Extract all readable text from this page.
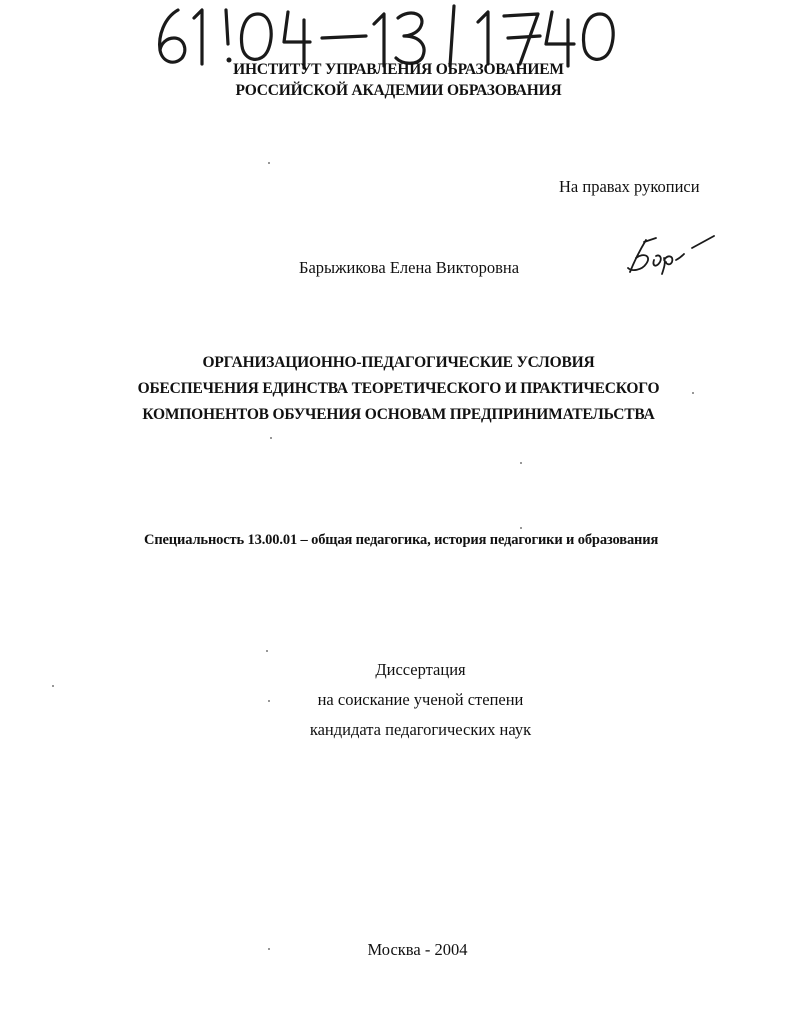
ИНСТИТУТ УПРАВЛЕНИЯ ОБРАЗОВАНИЕМ
РОССИЙСКОЙ АКАДЕМИИ ОБРАЗОВАНИЯ
На правах рукописи
Барыжикова Елена Викторовна
ОРГАНИЗАЦИОННО-ПЕДАГОГИЧЕСКИЕ УСЛОВИЯ
ОБЕСПЕЧЕНИЯ ЕДИНСТВА ТЕОРЕТИЧЕСКОГО И ПРАКТИЧЕСКОГО
КОМПОНЕНТОВ ОБУЧЕНИЯ ОСНОВАМ ПРЕДПРИНИМАТЕЛЬСТВА
Специальность 13.00.01 – общая педагогика, история педагогики и образования
Диссертация
на соискание ученой степени
кандидата педагогических наук
Москва - 2004
